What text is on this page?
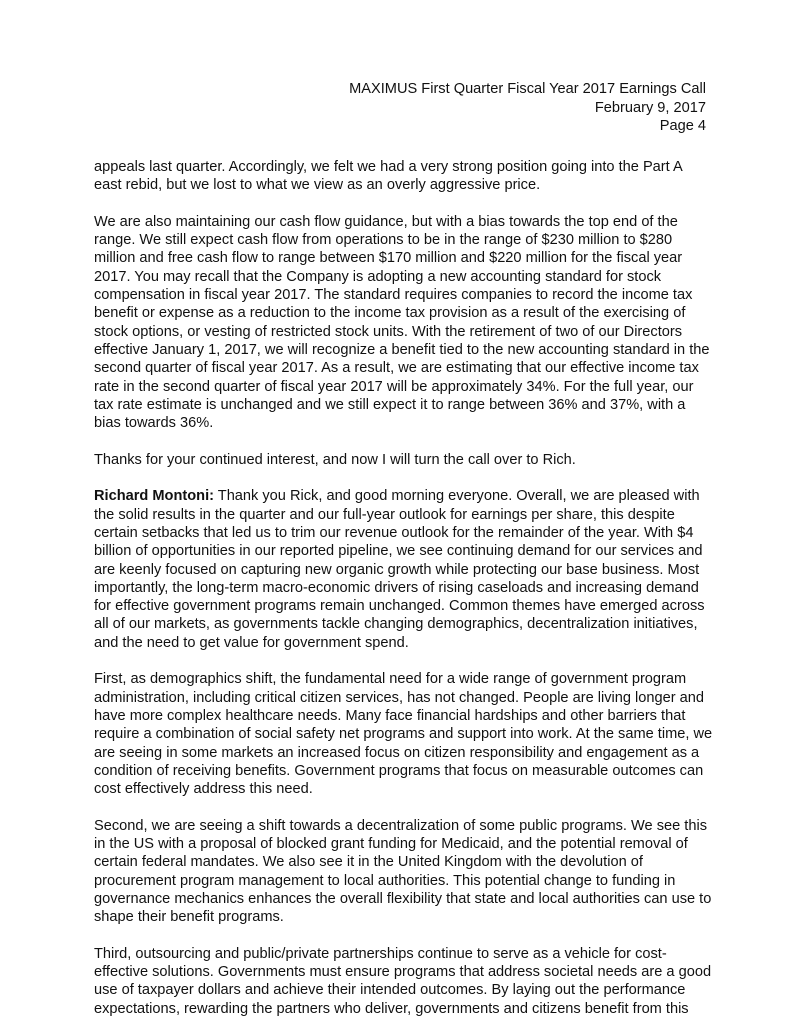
MAXIMUS First Quarter Fiscal Year 2017 Earnings Call
February 9, 2017
Page 4

appeals last quarter. Accordingly, we felt we had a very strong position going into the Part A
east rebid, but we lost to what we view as an overly aggressive price.

We are also maintaining our cash flow guidance, but with a bias towards the top end of the
range. We still expect cash flow from operations to be in the range of $230 million to $280
million and free cash flow to range between $170 million and $220 million for the fiscal year
2017. You may recall that the Company is adopting a new accounting standard for stock
compensation in fiscal year 2017. The standard requires companies to record the income tax
benefit or expense as a reduction to the income tax provision as a result of the exercising of
stock options, or vesting of restricted stock units. With the retirement of two of our Directors
effective January 1, 2017, we will recognize a benefit tied to the new accounting standard in the
second quarter of fiscal year 2017. As a result, we are estimating that our effective income tax
rate in the second quarter of fiscal year 2017 will be approximately 34%. For the full year, our
tax rate estimate is unchanged and we still expect it to range between 36% and 37%, with a
bias towards 36%.

Thanks for your continued interest, and now I will turn the call over to Rich.

Richard Montoni: Thank you Rick, and good morning everyone. Overall, we are pleased with
the solid results in the quarter and our full-year outlook for earnings per share, this despite
certain setbacks that led us to trim our revenue outlook for the remainder of the year. With $4
billion of opportunities in our reported pipeline, we see continuing demand for our services and
are keenly focused on capturing new organic growth while protecting our base business. Most
importantly, the long-term macro-economic drivers of rising caseloads and increasing demand
for effective government programs remain unchanged. Common themes have emerged across
all of our markets, as governments tackle changing demographics, decentralization initiatives,
and the need to get value for government spend.

First, as demographics shift, the fundamental need for a wide range of government program
administration, including critical citizen services, has not changed. People are living longer and
have more complex healthcare needs. Many face financial hardships and other barriers that
require a combination of social safety net programs and support into work. At the same time, we
are seeing in some markets an increased focus on citizen responsibility and engagement as a
condition of receiving benefits. Government programs that focus on measurable outcomes can
cost effectively address this need.

Second, we are seeing a shift towards a decentralization of some public programs. We see this
in the US with a proposal of blocked grant funding for Medicaid, and the potential removal of
certain federal mandates. We also see it in the United Kingdom with the devolution of
procurement program management to local authorities. This potential change to funding in
governance mechanics enhances the overall flexibility that state and local authorities can use to
shape their benefit programs.

Third, outsourcing and public/private partnerships continue to serve as a vehicle for cost-
effective solutions. Governments must ensure programs that address societal needs are a good
use of taxpayer dollars and achieve their intended outcomes. By laying out the performance
expectations, rewarding the partners who deliver, governments and citizens benefit from this
